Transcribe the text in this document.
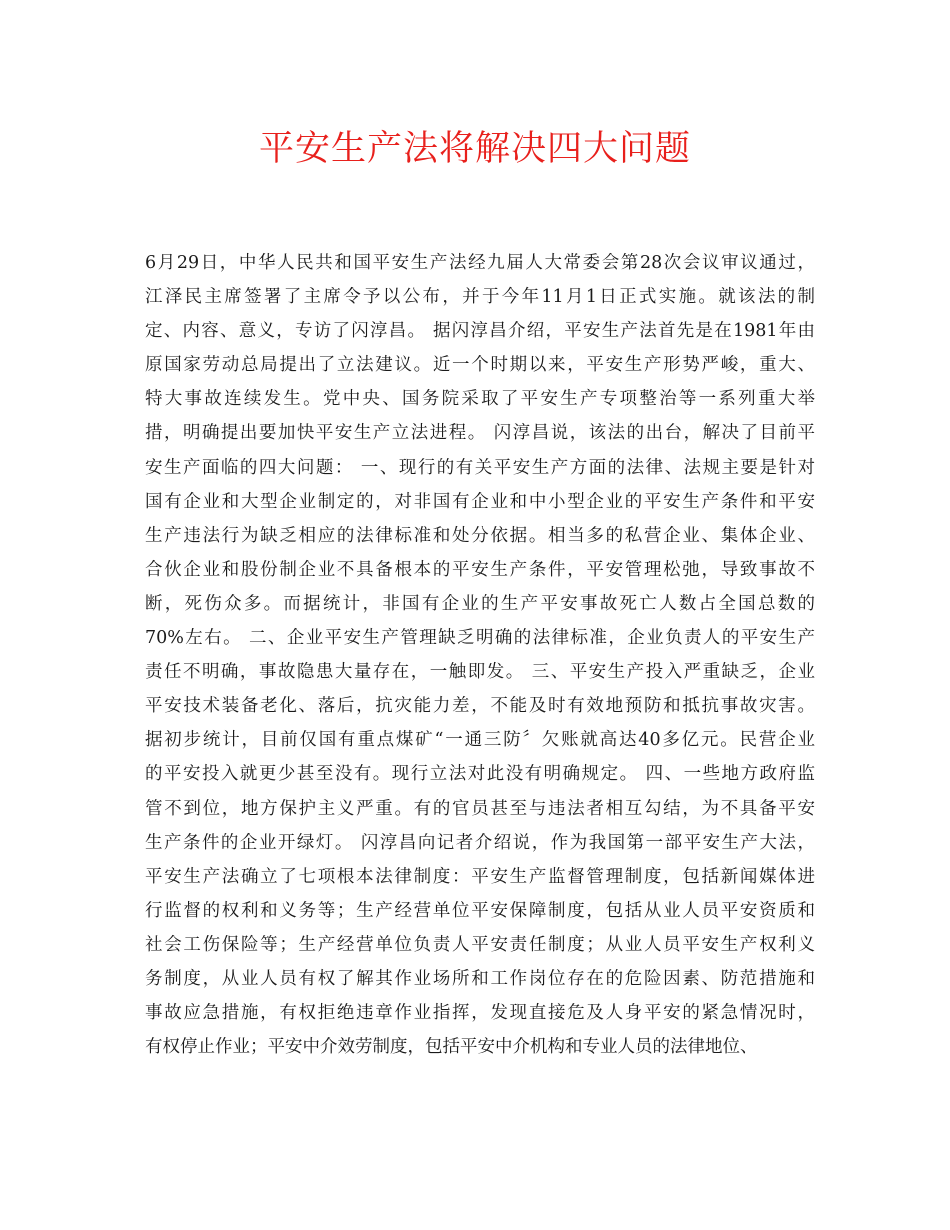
平安生产法将解决四大问题
6月29日，中华人民共和国平安生产法经九届人大常委会第28次会议审议通过，
江泽民主席签署了主席令予以公布，并于今年11月1日正式实施。就该法的制
定、内容、意义，专访了闪淳昌。 据闪淳昌介绍，平安生产法首先是在1981年由
原国家劳动总局提出了立法建议。近一个时期以来，平安生产形势严峻，重大、
特大事故连续发生。党中央、国务院采取了平安生产专项整治等一系列重大举
措，明确提出要加快平安生产立法进程。 闪淳昌说，该法的出台，解决了目前平
安生产面临的四大问题： 一、现行的有关平安生产方面的法律、法规主要是针对
国有企业和大型企业制定的，对非国有企业和中小型企业的平安生产条件和平安
生产违法行为缺乏相应的法律标准和处分依据。相当多的私营企业、集体企业、
合伙企业和股份制企业不具备根本的平安生产条件，平安管理松弛，导致事故不
断，死伤众多。而据统计，非国有企业的生产平安事故死亡人数占全国总数的
70%左右。 二、企业平安生产管理缺乏明确的法律标准，企业负责人的平安生产
责任不明确，事故隐患大量存在，一触即发。 三、平安生产投入严重缺乏，企业
平安技术装备老化、落后，抗灾能力差，不能及时有效地预防和抵抗事故灾害。
据初步统计，目前仅国有重点煤矿“一通三防〞欠账就高达40多亿元。民营企业
的平安投入就更少甚至没有。现行立法对此没有明确规定。 四、一些地方政府监
管不到位，地方保护主义严重。有的官员甚至与违法者相互勾结，为不具备平安
生产条件的企业开绿灯。 闪淳昌向记者介绍说，作为我国第一部平安生产大法，
平安生产法确立了七项根本法律制度：平安生产监督管理制度，包括新闻媒体进
行监督的权利和义务等；生产经营单位平安保障制度，包括从业人员平安资质和
社会工伤保险等；生产经营单位负责人平安责任制度；从业人员平安生产权利义
务制度，从业人员有权了解其作业场所和工作岗位存在的危险因素、防范措施和
事故应急措施，有权拒绝违章作业指挥，发现直接危及人身平安的紧急情况时，
有权停止作业；平安中介效劳制度，包括平安中介机构和专业人员的法律地位、
